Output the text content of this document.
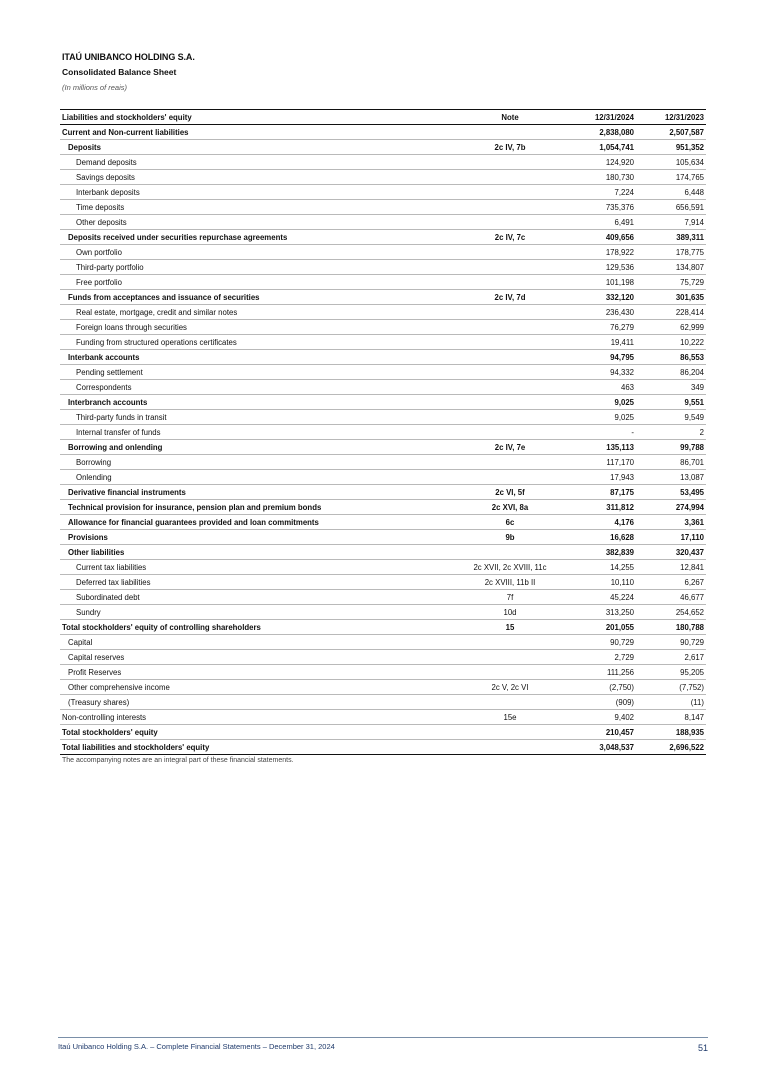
ITAÚ UNIBANCO HOLDING S.A.
Consolidated Balance Sheet
(In millions of reais)
Liabilities and stockholders' equity	Note	12/31/2024	12/31/2023
Current and Non-current liabilities		2,838,080	2,507,587
Deposits	2c IV, 7b	1,054,741	951,352
Demand deposits		124,920	105,634
Savings deposits		180,730	174,765
Interbank deposits		7,224	6,448
Time deposits		735,376	656,591
Other deposits		6,491	7,914
Deposits received under securities repurchase agreements	2c IV, 7c	409,656	389,311
Own portfolio		178,922	178,775
Third-party portfolio		129,536	134,807
Free portfolio		101,198	75,729
Funds from acceptances and issuance of securities	2c IV, 7d	332,120	301,635
Real estate, mortgage, credit and similar notes		236,430	228,414
Foreign loans through securities		76,279	62,999
Funding from structured operations certificates		19,411	10,222
Interbank accounts		94,795	86,553
Pending settlement		94,332	86,204
Correspondents		463	349
Interbranch accounts		9,025	9,551
Third-party funds in transit		9,025	9,549
Internal transfer of funds		-	2
Borrowing and onlending	2c IV, 7e	135,113	99,788
Borrowing		117,170	86,701
Onlending		17,943	13,087
Derivative financial instruments	2c VI, 5f	87,175	53,495
Technical provision for insurance, pension plan and premium bonds	2c XVI, 8a	311,812	274,994
Allowance for financial guarantees provided and loan commitments	6c	4,176	3,361
Provisions	9b	16,628	17,110
Other liabilities		382,839	320,437
Current tax liabilities	2c XVII, 2c XVIII, 11c	14,255	12,841
Deferred tax liabilities	2c XVIII, 11b II	10,110	6,267
Subordinated debt	7f	45,224	46,677
Sundry	10d	313,250	254,652
Total stockholders' equity of controlling shareholders	15	201,055	180,788
Capital		90,729	90,729
Capital reserves		2,729	2,617
Profit Reserves		111,256	95,205
Other comprehensive income	2c V, 2c VI	(2,750)	(7,752)
(Treasury shares)		(909)	(11)
Non-controlling interests	15e	9,402	8,147
Total stockholders' equity		210,457	188,935
Total liabilities and stockholders' equity		3,048,537	2,696,522
The accompanying notes are an integral part of these financial statements.
Itaú Unibanco Holding S.A. – Complete Financial Statements – December 31, 2024	51
